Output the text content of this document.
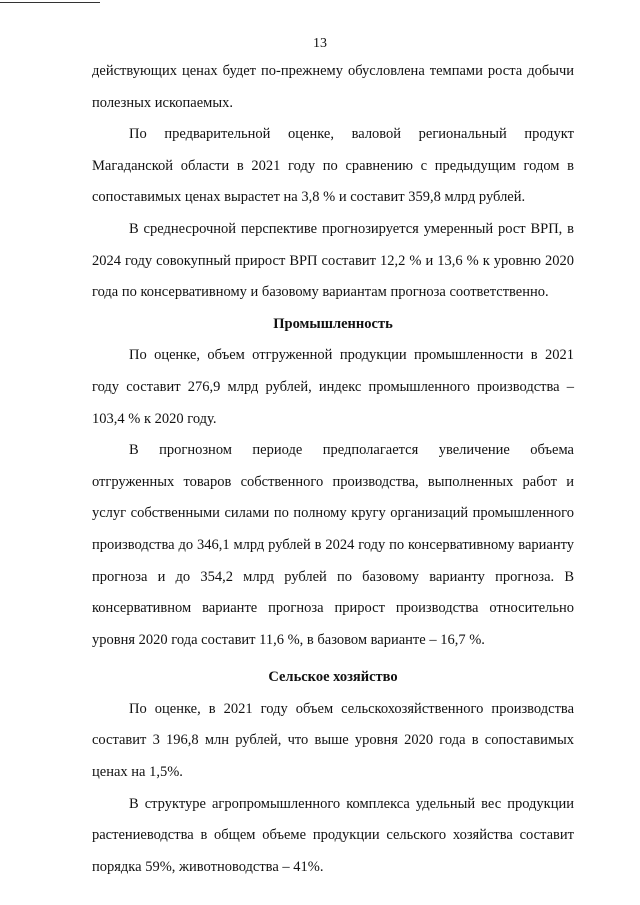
13

действующих ценах будет по-прежнему обусловлена темпами роста добычи полезных ископаемых.

По предварительной оценке, валовой региональный продукт Магаданской области в 2021 году по сравнению с предыдущим годом в сопоставимых ценах вырастет на 3,8 % и составит 359,8 млрд рублей.

В среднесрочной перспективе прогнозируется умеренный рост ВРП, в 2024 году совокупный прирост ВРП составит 12,2 % и 13,6 % к уровню 2020 года по консервативному и базовому вариантам прогноза соответственно.

Промышленность

По оценке, объем отгруженной продукции промышленности в 2021 году составит 276,9 млрд рублей, индекс промышленного производства – 103,4 % к 2020 году.

В прогнозном периоде предполагается увеличение объема отгруженных товаров собственного производства, выполненных работ и услуг собственными силами по полному кругу организаций промышленного производства до 346,1 млрд рублей в 2024 году по консервативному варианту прогноза и до 354,2 млрд рублей по базовому варианту прогноза. В консервативном варианте прогноза прирост производства относительно уровня 2020 года составит 11,6 %, в базовом варианте – 16,7 %.

Сельское хозяйство

По оценке, в 2021 году объем сельскохозяйственного производства составит 3 196,8 млн рублей, что выше уровня 2020 года в сопоставимых ценах на 1,5%.

В структуре агропромышленного комплекса удельный вес продукции растениеводства в общем объеме продукции сельского хозяйства составит порядка 59%, животноводства – 41%.
